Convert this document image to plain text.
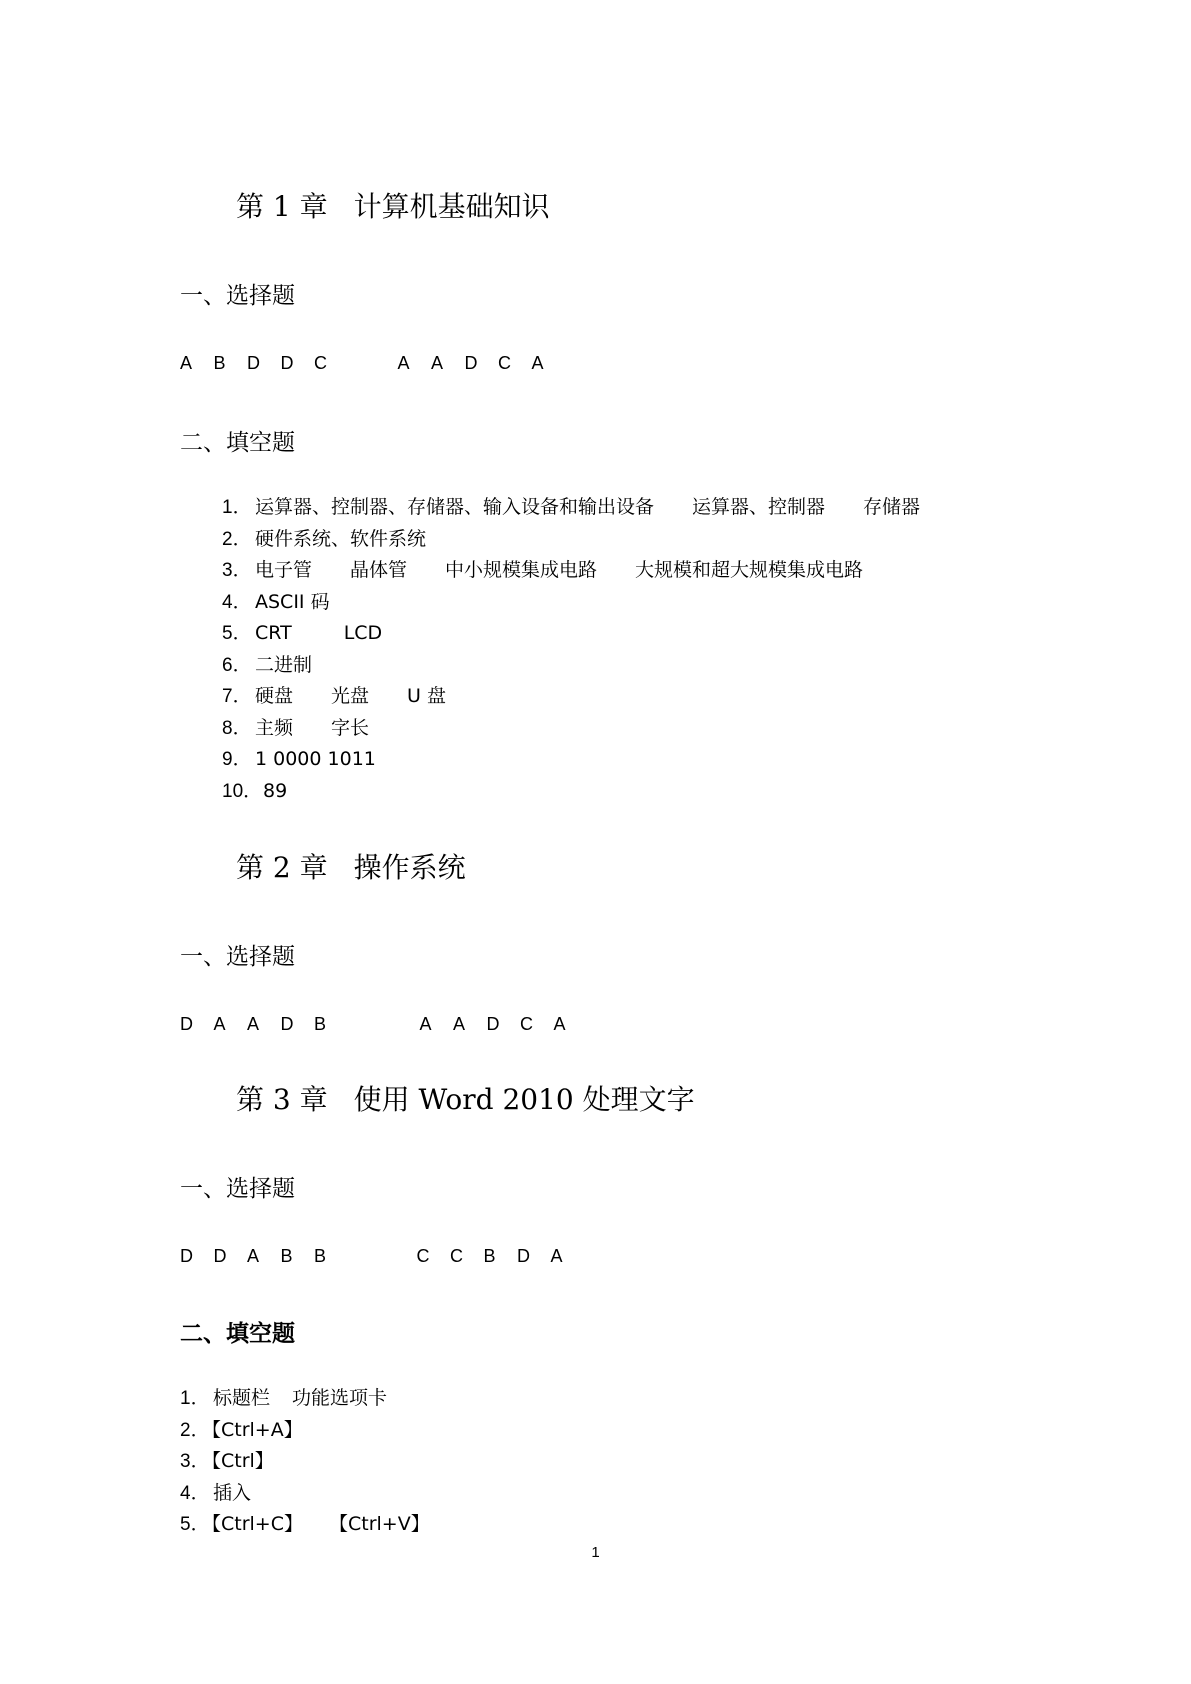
第 1 章 计算机基础知识
一、选择题
A B D D C	A A D C A
二、填空题
1． 运算器、控制器、存储器、输入设备和输出设备 运算器、控制器 存储器
2． 硬件系统、软件系统
3． 电子管 晶体管 中小规模集成电路 大规模和超大规模集成电路
4． ASCII 码
5． CRT	LCD
6． 二进制
7． 硬盘 光盘 U 盘
8． 主频 字长
9． 1 0000 1011
10．89
第 2 章 操作系统
一、选择题
D A A D B	A A D C A
第 3 章 使用 Word 2010 处理文字
一、选择题
D D A B B	C C B D A
二、填空题
1． 标题栏 功能选项卡
2．【Ctrl+A】
3．【Ctrl】
4． 插入
5．【Ctrl+C】 【Ctrl+V】
1
